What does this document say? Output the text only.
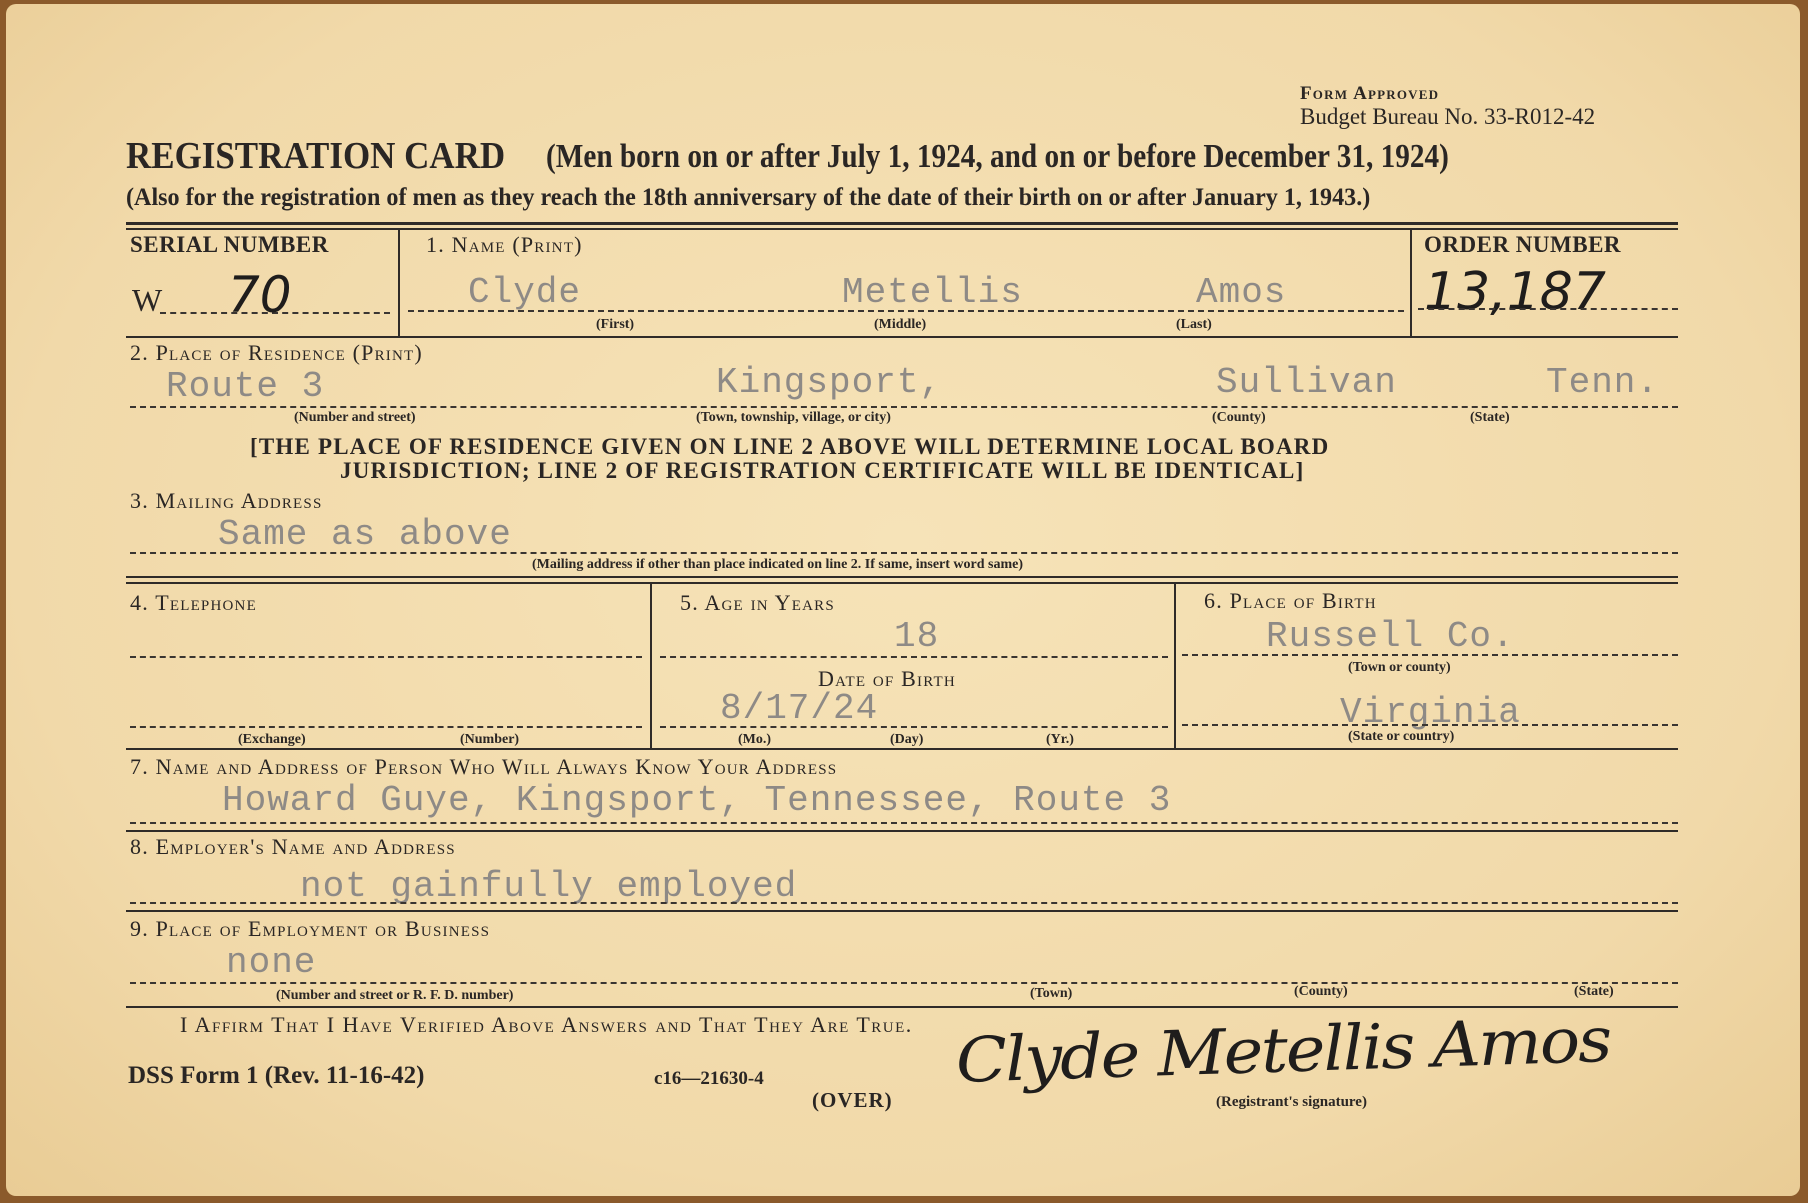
Form Approved
Budget Bureau No. 33-R012-42
REGISTRATION CARD (Men born on or after July 1, 1924, and on or before December 31, 1924)
(Also for the registration of men as they reach the 18th anniversary of the date of their birth on or after January 1, 1943.)
SERIAL NUMBER
W 70
1. Name (Print)
Clyde	Metellis	Amos
(First)	(Middle)	(Last)
ORDER NUMBER
13,187
2. Place of Residence (Print)
Route 3	Kingsport,	Sullivan	Tenn.
(Number and street)	(Town, township, village, or city)	(County)	(State)
[THE PLACE OF RESIDENCE GIVEN ON LINE 2 ABOVE WILL DETERMINE LOCAL BOARD
JURISDICTION; LINE 2 OF REGISTRATION CERTIFICATE WILL BE IDENTICAL]
3. Mailing Address
Same as above
(Mailing address if other than place indicated on line 2. If same, insert word same)
4. Telephone
(Exchange)	(Number)
5. Age in Years
18
Date of Birth
8/17/24
(Mo.)	(Day)	(Yr.)
6. Place of Birth
Russell Co.
(Town or county)
Virginia
(State or country)
7. Name and Address of Person Who Will Always Know Your Address
Howard Guye, Kingsport, Tennessee, Route 3
8. Employer's Name and Address
not gainfully employed
9. Place of Employment or Business
none
(Number and street or R. F. D. number)	(Town)	(County)	(State)
I Affirm That I Have Verified Above Answers and That They Are True.
DSS Form 1 (Rev. 11-16-42)	c16—21630-4
(OVER)
Clyde Metellis Amos
(Registrant's signature)
